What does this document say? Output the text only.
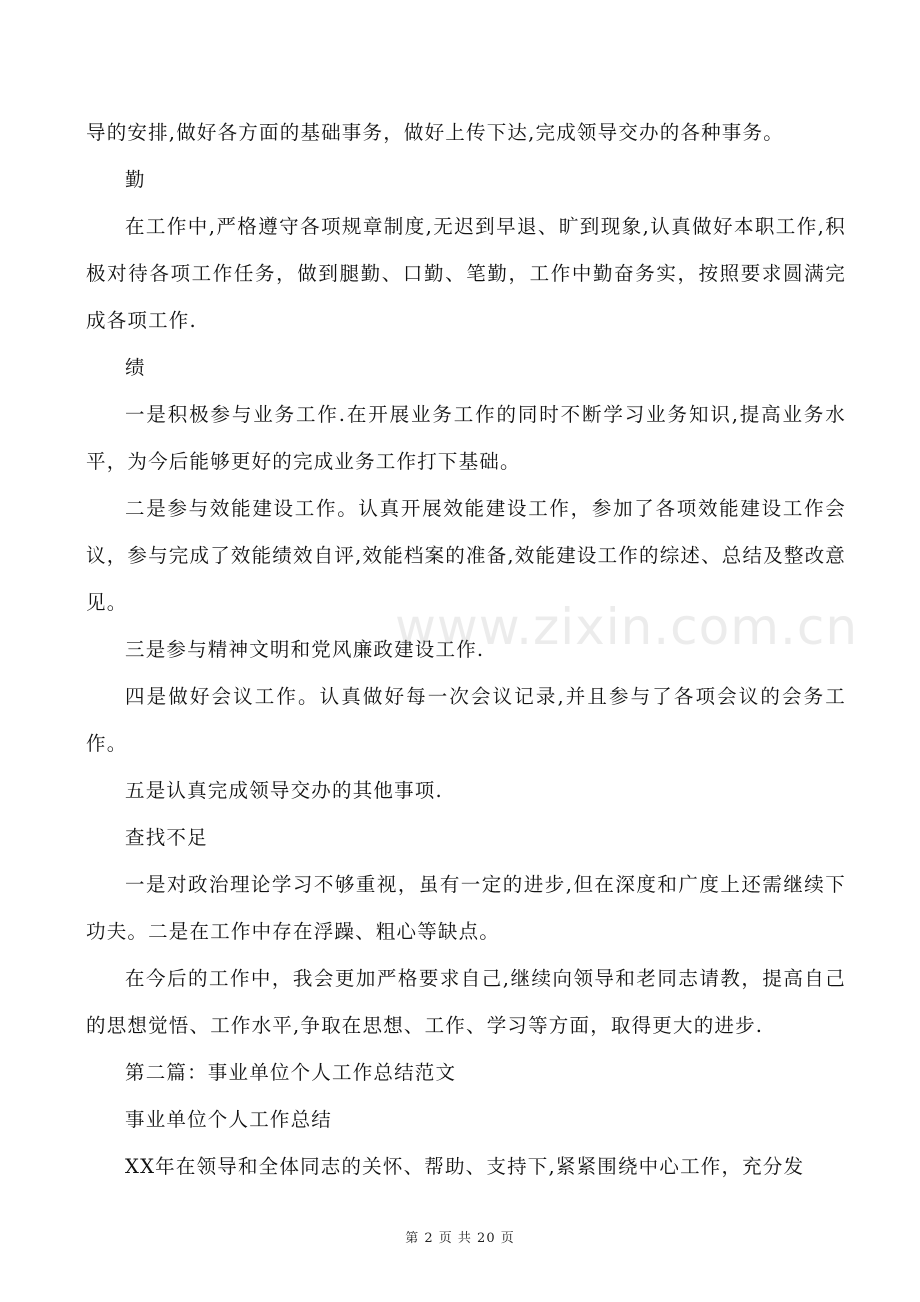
导的安排,做好各方面的基础事务，做好上传下达,完成领导交办的各种事务。

勤

在工作中,严格遵守各项规章制度,无迟到早退、旷到现象,认真做好本职工作,积极对待各项工作任务，做到腿勤、口勤、笔勤，工作中勤奋务实，按照要求圆满完成各项工作.

绩

一是积极参与业务工作.在开展业务工作的同时不断学习业务知识,提高业务水平，为今后能够更好的完成业务工作打下基础。

二是参与效能建设工作。认真开展效能建设工作，参加了各项效能建设工作会议，参与完成了效能绩效自评,效能档案的准备,效能建设工作的综述、总结及整改意见。

三是参与精神文明和党风廉政建设工作.

四是做好会议工作。认真做好每一次会议记录,并且参与了各项会议的会务工作。

五是认真完成领导交办的其他事项.

查找不足

一是对政治理论学习不够重视，虽有一定的进步,但在深度和广度上还需继续下功夫。二是在工作中存在浮躁、粗心等缺点。

在今后的工作中，我会更加严格要求自己,继续向领导和老同志请教，提高自己的思想觉悟、工作水平,争取在思想、工作、学习等方面，取得更大的进步.

第二篇：事业单位个人工作总结范文

事业单位个人工作总结

XX年在领导和全体同志的关怀、帮助、支持下,紧紧围绕中心工作，充分发

www.zixin.com.cn
第 2 页 共 20 页
